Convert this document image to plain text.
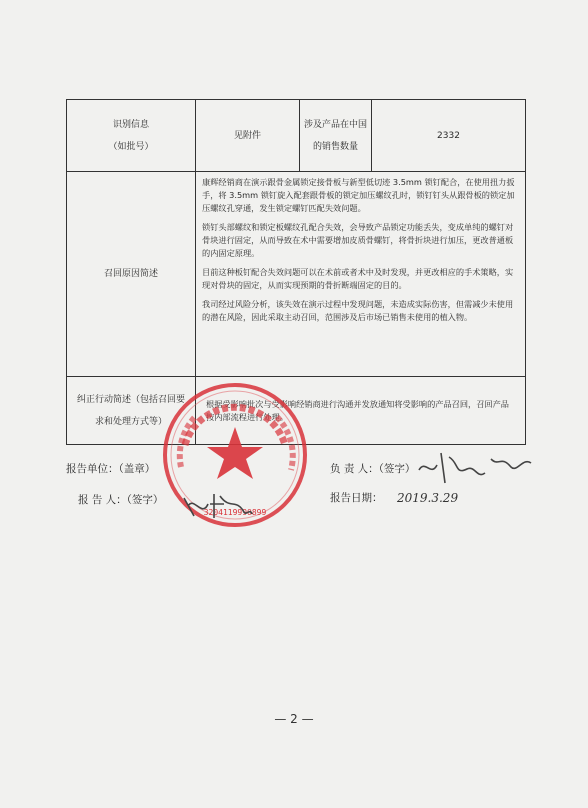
识别信息
（如批号）	见附件	涉及产品在中国的销售数量	2332
召回原因简述	康辉经销商在演示跟骨金属锁定接骨板与新型低切迹 3.5mm 锁钉配合，在使用扭力扳手，将 3.5mm 锁钉旋入配套跟骨板的锁定加压螺纹孔时，锁钉钉头从跟骨板的锁定加压螺纹孔穿通，发生锁定螺钉匹配失效问题。

锁钉头部螺纹和锁定板螺纹孔配合失效，会导致产品锁定功能丢失，变成单纯的螺钉对骨块进行固定，从而导致在术中需要增加皮质骨螺钉，将骨折块进行加压，更改普通板的内固定原理。

目前这种板钉配合失效问题可以在术前或者术中及时发现，并更改相应的手术策略，实现对骨块的固定，从而实现预期的骨折断端固定的目的。

我司经过风险分析，该失效在演示过程中发现问题，未造成实际伤害，但需减少未使用的潜在风险，因此采取主动召回，范围涉及后市场已销售未使用的植入物。		

纠正行动简述（包括召回要
求和处理方式等）	根据受影响批次与受影响经销商进行沟通并发放通知将受影响的产品召回，召回产品按内部流程进行处理。		

3204119990899
报告单位：（盖章）
报 告 人：（签字）
负 责 人：（签字）
报告日期： 2019.3.29
— 2 —
